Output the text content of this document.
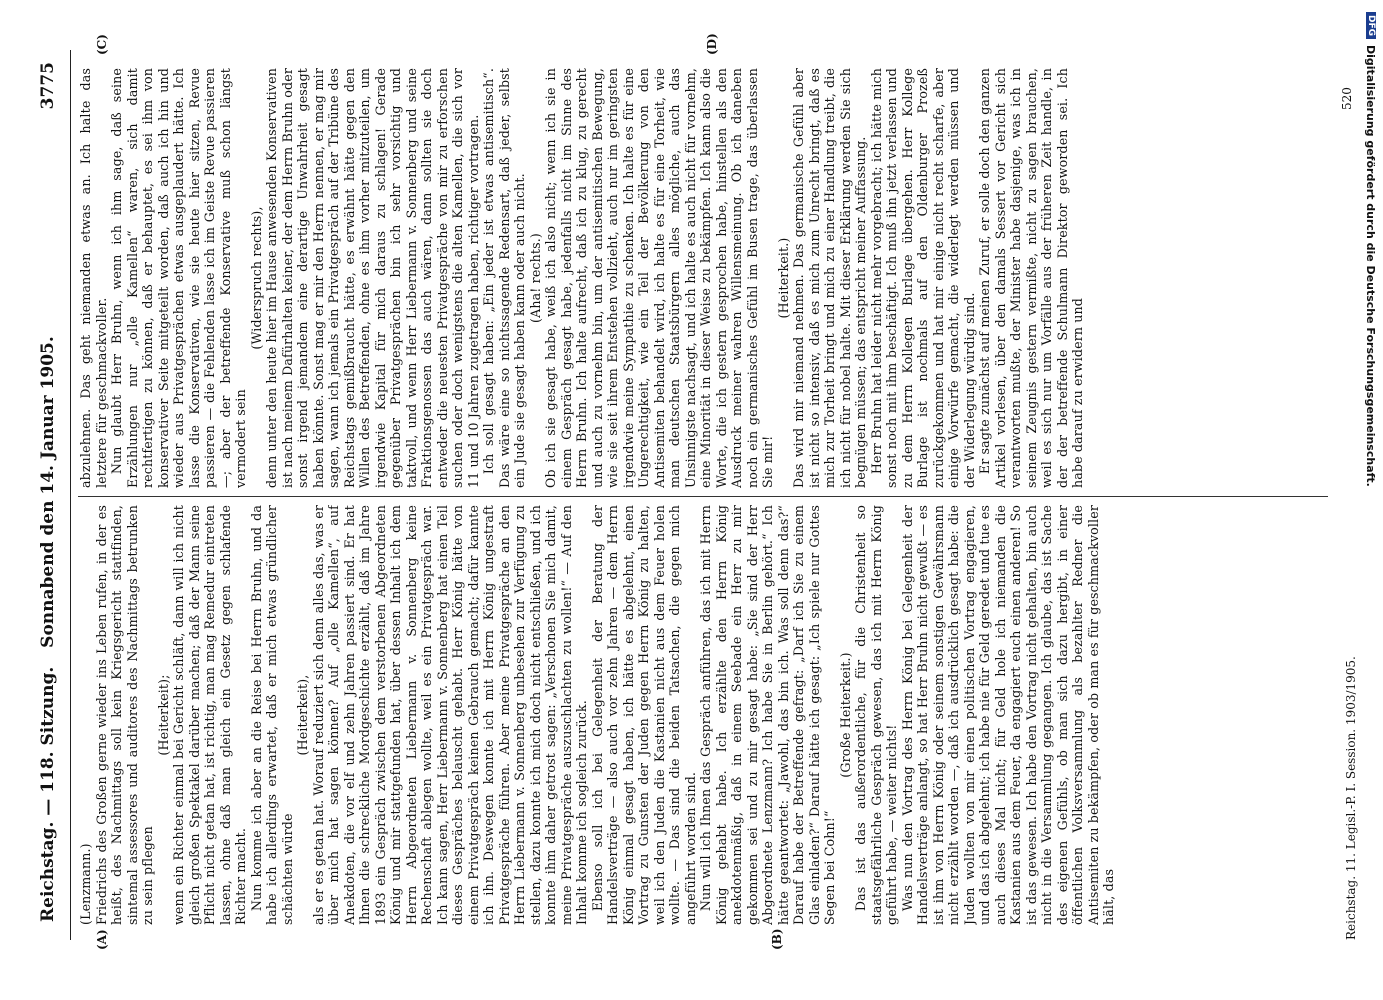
Reichstag. — 118. Sitzung.
Sonnabend den 14. Januar 1905.
3775
(A)	(B)
(C)	(D)

(Lenzmann.) Friedrichs des Großen gerne wieder ins Leben rufen, in der es heißt, des Nachmittags soll kein Kriegsgericht stattfinden, sintemal assessores und auditores des Nachmittags betrunken zu sein pflegen

(Heiterkeit); wenn ein Richter einmal bei Gericht schläft, dann will ich nicht gleich großen Spektakel darüber machen; daß der Mann seine Pflicht nicht getan hat, ist richtig, man mag Remedur eintreten lassen, ohne daß man gleich ein Gesetz gegen schlafende Richter macht. Nun komme ich aber an die Reise bei Herrn Bruhn, und da habe ich allerdings erwartet, daß er mich etwas gründlicher schächten würde

(Heiterkeit), als er es getan hat. Worauf reduziert sich denn alles das, was er über mich hat sagen können? Auf „olle Kamellen“, auf Anekdoten, die vor elf und zehn Jahren passiert sind. Er hat Ihnen die schreckliche Mordgeschichte erzählt, daß im Jahre 1893 ein Gespräch zwischen dem verstorbenen Abgeordneten König und mir stattgefunden hat, über dessen Inhalt ich dem Herrn Abgeordneten Liebermann v. Sonnenberg keine Rechenschaft ablegen wollte, weil es ein Privatgespräch war. Ich kann sagen, Herr Liebermann v. Sonnenberg hat einen Teil dieses Gespräches belauscht gehabt. Herr König hätte von einem Privatgespräch keinen Gebrauch gemacht; dafür kannte ich ihn. Deswegen konnte ich mit Herrn König ungestraft Privatgespräche führen. Aber meine Privatgespräche an den Herrn Liebermann v. Sonnenberg unbesehen zur Verfügung zu stellen, dazu konnte ich mich doch nicht entschließen, und ich konnte ihm daher getrost sagen: „Verschonen Sie mich damit, meine Privatgespräche auszuschlachten zu wollen!“ — Auf den Inhalt komme ich sogleich zurück. Ebenso soll ich bei Gelegenheit der Beratung der Handelsverträge — also auch vor zehn Jahren — dem Herrn König einmal gesagt haben, ich hätte es abgelehnt, einen Vortrag zu Gunsten der Juden gegen Herrn König zu halten, weil ich den Juden die Kastanien nicht aus dem Feuer holen wollte. — Das sind die beiden Tatsachen, die gegen mich angeführt worden sind. Nun will ich Ihnen das Gespräch anführen, das ich mit Herrn König gehabt habe. Ich erzählte den Herrn König anekdotenmäßig, daß in einem Seebade ein Herr zu mir gekommen sei und zu mir gesagt habe: „Sie sind der Herr Abgeordnete Lenzmann? Ich habe Sie in Berlin gehört.“ Ich hätte geantwortet: „Jawohl, das bin ich. Was soll denn das?“ Darauf habe der Betreffende gefragt: „Darf ich Sie zu einem Glas einladen?“ Darauf hätte ich gesagt: „Ich spiele nur Gottes Segen bei Cohn!“

(Große Heiterkeit.) Das ist das außerordentliche, für die Christenheit so staatsgefährliche Gespräch gewesen, das ich mit Herrn König geführt habe, — weiter nichts! Was nun den Vortrag des Herrn König bei Gelegenheit der Handelsverträge anlangt, so hat Herr Bruhn nicht gewußt — es ist ihm von Herrn König oder seinem sonstigen Gewährsmann nicht erzählt worden —, daß ich ausdrücklich gesagt habe: die Juden wollten von mir einen politischen Vortrag engagieren, und das ich abgelehnt; ich habe nie für Geld geredet und tue es auch dieses Mal nicht; für Geld hole ich niemanden die Kastanien aus dem Feuer, da engagiert euch einen anderen! So ist das gewesen. Ich habe den Vortrag nicht gehalten, bin auch nicht in die Versammlung gegangen. Ich glaube, das ist Sache des eigenen Gefühls, ob man sich dazu hergibt, in einer öffentlichen Volksversammlung als bezahlter Redner die Antisemiten zu bekämpfen, oder ob man es für geschmackvoller hält, das

abzulehnen. Das geht niemanden etwas an. Ich halte das letztere für geschmackvoller. Nun glaubt Herr Bruhn, wenn ich ihm sage, daß seine Erzählungen nur „olle Kamellen“ waren, sich damit rechtfertigen zu können, daß er behauptet, es sei ihm von konservativer Seite mitgeteilt worden, daß auch ich hin und wieder aus Privatgesprächen etwas ausgeplaudert hätte. Ich lasse die Konservativen, wie sie heute hier sitzen, Revue passieren — die Fehlenden lasse ich im Geiste Revue passieren —; aber der betreffende Konservative muß schon längst vermodert sein

(Widerspruch rechts), denn unter den heute hier im Hause anwesenden Konservativen ist nach meinem Dafürhalten keiner, der dem Herrn Bruhn oder sonst irgend jemandem eine derartige Unwahrheit gesagt haben könnte. Sonst mag er mir den Herrn nennen, er mag mir sagen, wann ich jemals ein Privatgespräch auf der Tribüne des Reichstags gemißbraucht hätte, es erwähnt hätte gegen den Willen des Betreffenden, ohne es ihm vorher mitzuteilen, um irgendwie Kapital für mich daraus zu schlagen! Gerade gegenüber Privatgesprächen bin ich sehr vorsichtig und taktvoll, und wenn Herr Liebermann v. Sonnenberg und seine Fraktionsgenossen das auch wären, dann sollten sie doch entweder die neuesten Privatgespräche von mir zu erforschen suchen oder doch wenigstens die alten Kamellen, die sich vor 11 und 10 Jahren zugetragen haben, richtiger vortragen. Ich soll gesagt haben: „Ein jeder ist etwas antisemitisch“. Das wäre eine so nichtssagende Redensart, daß jeder, selbst ein Jude sie gesagt haben kann oder auch nicht. (Aha! rechts.) Ob ich sie gesagt habe, weiß ich also nicht; wenn ich sie in einem Gespräch gesagt habe, jedenfalls nicht im Sinne des Herrn Bruhn. Ich halte aufrecht, daß ich zu klug, zu gerecht und auch zu vornehm bin, um der antisemitischen Bewegung, wie sie seit ihrem Entstehen vollzieht, auch nur im geringsten irgendwie meine Sympathie zu schenken. Ich halte es für eine Ungerechtigkeit, wie ein Teil der Bevölkerung von den Antisemiten behandelt wird, ich halte es für eine Torheit, wie man deutschen Staatsbürgern alles mögliche, auch das Unsinnigste nachsagt, und ich halte es auch nicht für vornehm, eine Minorität in dieser Weise zu bekämpfen. Ich kann also die Worte, die ich gestern gesprochen habe, hinstellen als den Ausdruck meiner wahren Willensmeinung. Ob ich daneben noch ein germanisches Gefühl im Busen trage, das überlassen Sie mir!

(Heiterkeit.) Das wird mir niemand nehmen. Das germanische Gefühl aber ist nicht so intensiv, daß es mich zum Unrecht bringt, daß es mich zur Torheit bringt und mich zu einer Handlung treibt, die ich nicht für nobel halte. Mit dieser Erklärung werden Sie sich begnügen müssen; das entspricht meiner Auffassung. Herr Bruhn hat leider nicht mehr vorgebracht; ich hätte mich sonst noch mit ihm beschäftigt. Ich muß ihn jetzt verlassen und zu dem Herrn Kollegen Burlage übergehen. Herr Kollege Burlage ist nochmals auf den Oldenburger Prozeß zurückgekommen und hat mir einige nicht recht scharfe, aber einige Vorwürfe gemacht, die widerlegt werden müssen und der Widerlegung würdig sind. Er sagte zunächst auf meinen Zuruf, er solle doch den ganzen Artikel vorlesen, über den damals Sessert vor Gericht sich verantworten mußte, der Minister habe dasjenige, was ich in seinem Zeugnis gestern vermißte, nicht zu sagen brauchen, weil es sich nur um Vorfälle aus der früheren Zeit handle, in der der betreffende Schulmann Direktor geworden sei. Ich habe darauf zu erwidern und

Reichstag. 11. Legisl.-P. I. Session. 1903/1905.
520
DFG
Digitalisierung gefördert durch die Deutsche Forschungsgemeinschaft.
